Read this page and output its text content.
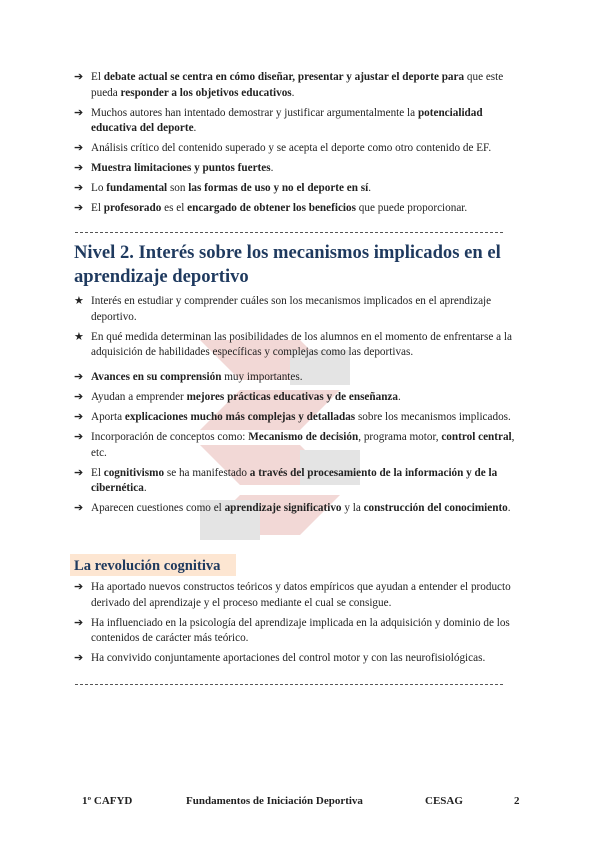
➔ El debate actual se centra en cómo diseñar, presentar y ajustar el deporte para que este pueda responder a los objetivos educativos.
➔ Muchos autores han intentado demostrar y justificar argumentalmente la potencialidad educativa del deporte.
➔ Análisis crítico del contenido superado y se acepta el deporte como otro contenido de EF.
➔ Muestra limitaciones y puntos fuertes.
➔ Lo fundamental son las formas de uso y no el deporte en sí.
➔ El profesorado es el encargado de obtener los beneficios que puede proporcionar.
Nivel 2. Interés sobre los mecanismos implicados en el aprendizaje deportivo
★ Interés en estudiar y comprender cuáles son los mecanismos implicados en el aprendizaje deportivo.
★ En qué medida determinan las posibilidades de los alumnos en el momento de enfrentarse a la adquisición de habilidades específicas y complejas como las deportivas.
➔ Avances en su comprensión muy importantes.
➔ Ayudan a emprender mejores prácticas educativas y de enseñanza.
➔ Aporta explicaciones mucho más complejas y detalladas sobre los mecanismos implicados.
➔ Incorporación de conceptos como: Mecanismo de decisión, programa motor, control central, etc.
➔ El cognitivismo se ha manifestado a través del procesamiento de la información y de la cibernética.
➔ Aparecen cuestiones como el aprendizaje significativo y la construcción del conocimiento.
La revolución cognitiva
➔ Ha aportado nuevos constructos teóricos y datos empíricos que ayudan a entender el producto derivado del aprendizaje y el proceso mediante el cual se consigue.
➔ Ha influenciado en la psicología del aprendizaje implicada en la adquisición y dominio de los contenidos de carácter más teórico.
➔ Ha convivido conjuntamente aportaciones del control motor y con las neurofisiológicas.
1º CAFYD	Fundamentos de Iniciación Deportiva	CESAG	2
